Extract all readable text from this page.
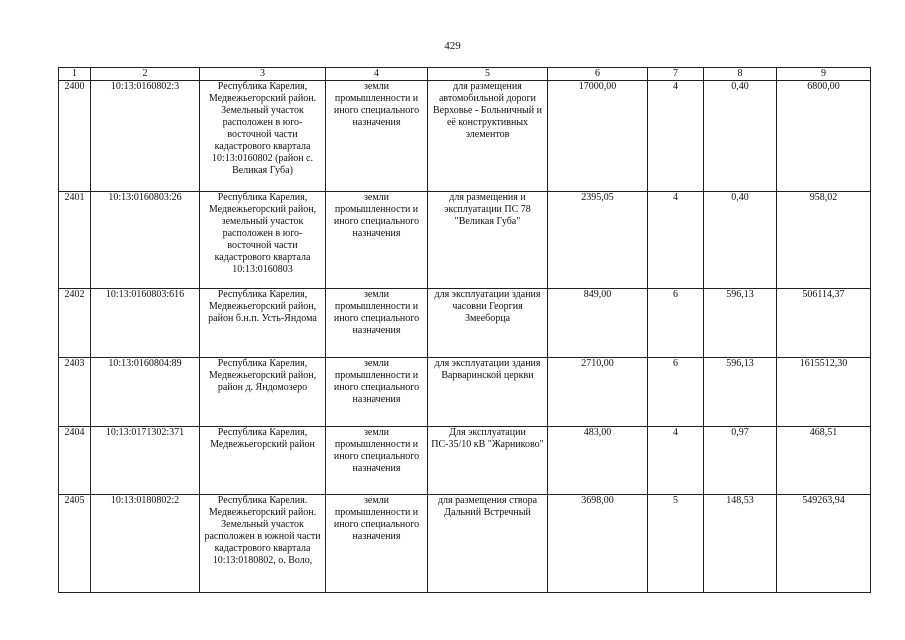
429
1	2	3	4	5	6	7	8	9
2400	10:13:0160802:3	Республика Карелия, Медвежьегорский район. Земельный участок расположен в юго-восточной части кадастрового квартала 10:13:0160802 (район с. Великая Губа)	земли промышленности и иного специального назначения	для размещения автомобильной дороги Верховье - Больничный и её конструктивных элементов	17000,00	4	0,40	6800,00
2401	10:13:0160803:26	Республика Карелия, Медвежьегорский район, земельный участок расположен в юго-восточной части кадастрового квартала 10:13:0160803	земли промышленности и иного специального назначения	для размещения и эксплуатации ПС 78 "Великая Губа"	2395,05	4	0,40	958,02
2402	10:13:0160803:616	Республика Карелия, Медвежьегорский район, район б.н.п. Усть-Яндома	земли промышленности и иного специального назначения	для эксплуатации здания часовни Георгия Змееборца	849,00	6	596,13	506114,37
2403	10:13:0160804:89	Республика Карелия, Медвежьегорский район, район д. Яндомозеро	земли промышленности и иного специального назначения	для эксплуатации здания Варваринской церкви	2710,00	6	596,13	1615512,30
2404	10:13:0171302:371	Республика Карелия, Медвежьегорский район	земли промышленности и иного специального назначения	Для эксплуатации ПС-35/10 кВ "Жарниково"	483,00	4	0,97	468,51
2405	10:13:0180802:2	Республика Карелия. Медвежьегорский район. Земельный участок расположен в южной части кадастрового квартала 10:13:0180802, о. Воло,	земли промышленности и иного специального назначения	для размещения створа Дальний Встречный	3698,00	5	148,53	549263,94
